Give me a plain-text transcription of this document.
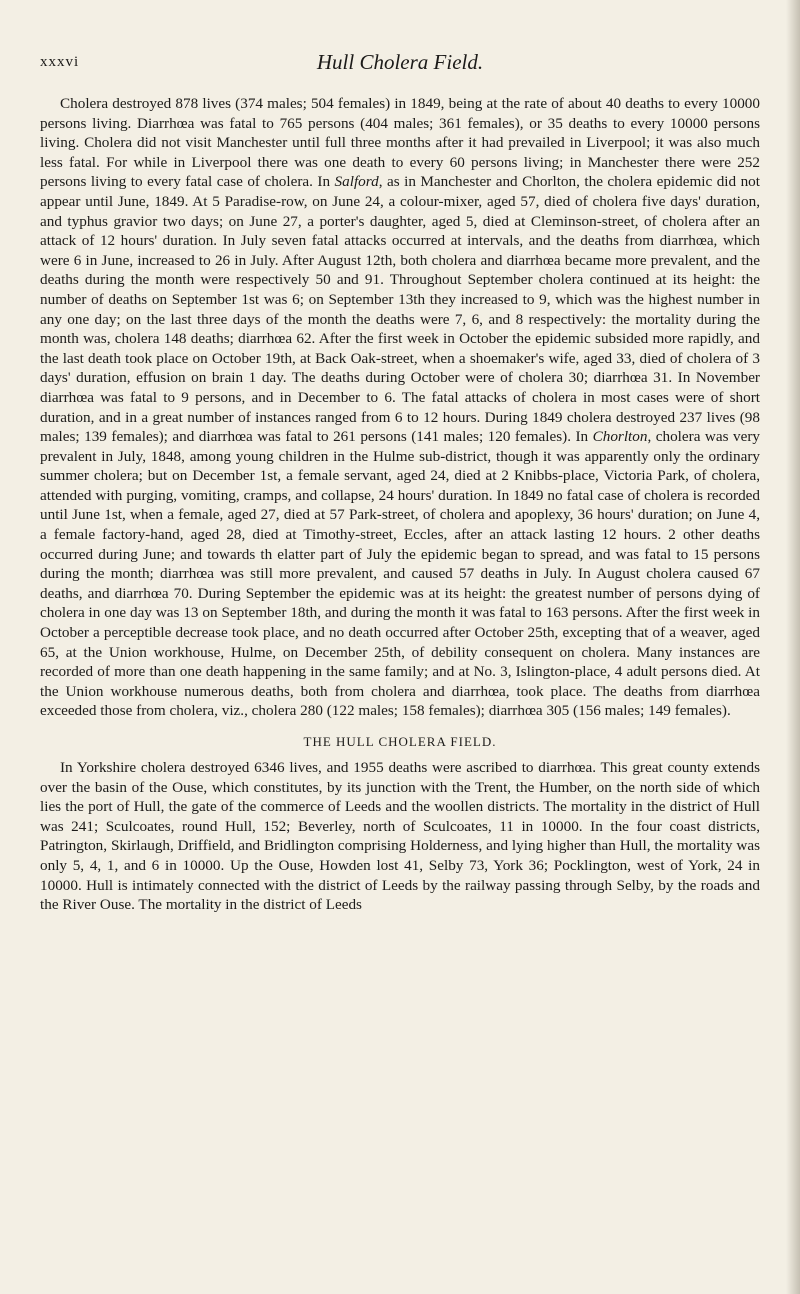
xxxvi	Hull Cholera Field.

Cholera destroyed 878 lives (374 males; 504 females) in 1849, being at the rate of about 40 deaths to every 10000 persons living. Diarrhœa was fatal to 765 persons (404 males; 361 females), or 35 deaths to every 10000 persons living. Cholera did not visit Manchester until full three months after it had prevailed in Liverpool; it was also much less fatal. For while in Liverpool there was one death to every 60 persons living; in Manchester there were 252 persons living to every fatal case of cholera. In Salford, as in Manchester and Chorlton, the cholera epidemic did not appear until June, 1849. At 5 Paradise-row, on June 24, a colour-mixer, aged 57, died of cholera five days' duration, and typhus gravior two days; on June 27, a porter's daughter, aged 5, died at Cleminson-street, of cholera after an attack of 12 hours' duration. In July seven fatal attacks occurred at intervals, and the deaths from diarrhœa, which were 6 in June, increased to 26 in July. After August 12th, both cholera and diarrhœa became more prevalent, and the deaths during the month were respectively 50 and 91. Throughout September cholera continued at its height: the number of deaths on September 1st was 6; on September 13th they increased to 9, which was the highest number in any one day; on the last three days of the month the deaths were 7, 6, and 8 respectively: the mortality during the month was, cholera 148 deaths; diarrhœa 62. After the first week in October the epidemic subsided more rapidly, and the last death took place on October 19th, at Back Oak-street, when a shoemaker's wife, aged 33, died of cholera of 3 days' duration, effusion on brain 1 day. The deaths during October were of cholera 30; diarrhœa 31. In November diarrhœa was fatal to 9 persons, and in December to 6. The fatal attacks of cholera in most cases were of short duration, and in a great number of instances ranged from 6 to 12 hours. During 1849 cholera destroyed 237 lives (98 males; 139 females); and diarrhœa was fatal to 261 persons (141 males; 120 females). In Chorlton, cholera was very prevalent in July, 1848, among young children in the Hulme sub-district, though it was apparently only the ordinary summer cholera; but on December 1st, a female servant, aged 24, died at 2 Knibbs-place, Victoria Park, of cholera, attended with purging, vomiting, cramps, and collapse, 24 hours' duration. In 1849 no fatal case of cholera is recorded until June 1st, when a female, aged 27, died at 57 Park-street, of cholera and apoplexy, 36 hours' duration; on June 4, a female factory-hand, aged 28, died at Timothy-street, Eccles, after an attack lasting 12 hours. 2 other deaths occurred during June; and towards th elatter part of July the epidemic began to spread, and was fatal to 15 persons during the month; diarrhœa was still more prevalent, and caused 57 deaths in July. In August cholera caused 67 deaths, and diarrhœa 70. During September the epidemic was at its height: the greatest number of persons dying of cholera in one day was 13 on September 18th, and during the month it was fatal to 163 persons. After the first week in October a perceptible decrease took place, and no death occurred after October 25th, excepting that of a weaver, aged 65, at the Union workhouse, Hulme, on December 25th, of debility consequent on cholera. Many instances are recorded of more than one death happening in the same family; and at No. 3, Islington-place, 4 adult persons died. At the Union workhouse numerous deaths, both from cholera and diarrhœa, took place. The deaths from diarrhœa exceeded those from cholera, viz., cholera 280 (122 males; 158 females); diarrhœa 305 (156 males; 149 females).

THE HULL CHOLERA FIELD.

In Yorkshire cholera destroyed 6346 lives, and 1955 deaths were ascribed to diarrhœa. This great county extends over the basin of the Ouse, which constitutes, by its junction with the Trent, the Humber, on the north side of which lies the port of Hull, the gate of the commerce of Leeds and the woollen districts. The mortality in the district of Hull was 241; Sculcoates, round Hull, 152; Beverley, north of Sculcoates, 11 in 10000. In the four coast districts, Patrington, Skirlaugh, Driffield, and Bridlington comprising Holderness, and lying higher than Hull, the mortality was only 5, 4, 1, and 6 in 10000. Up the Ouse, Howden lost 41, Selby 73, York 36; Pocklington, west of York, 24 in 10000. Hull is intimately connected with the district of Leeds by the railway passing through Selby, by the roads and the River Ouse. The mortality in the district of Leeds
